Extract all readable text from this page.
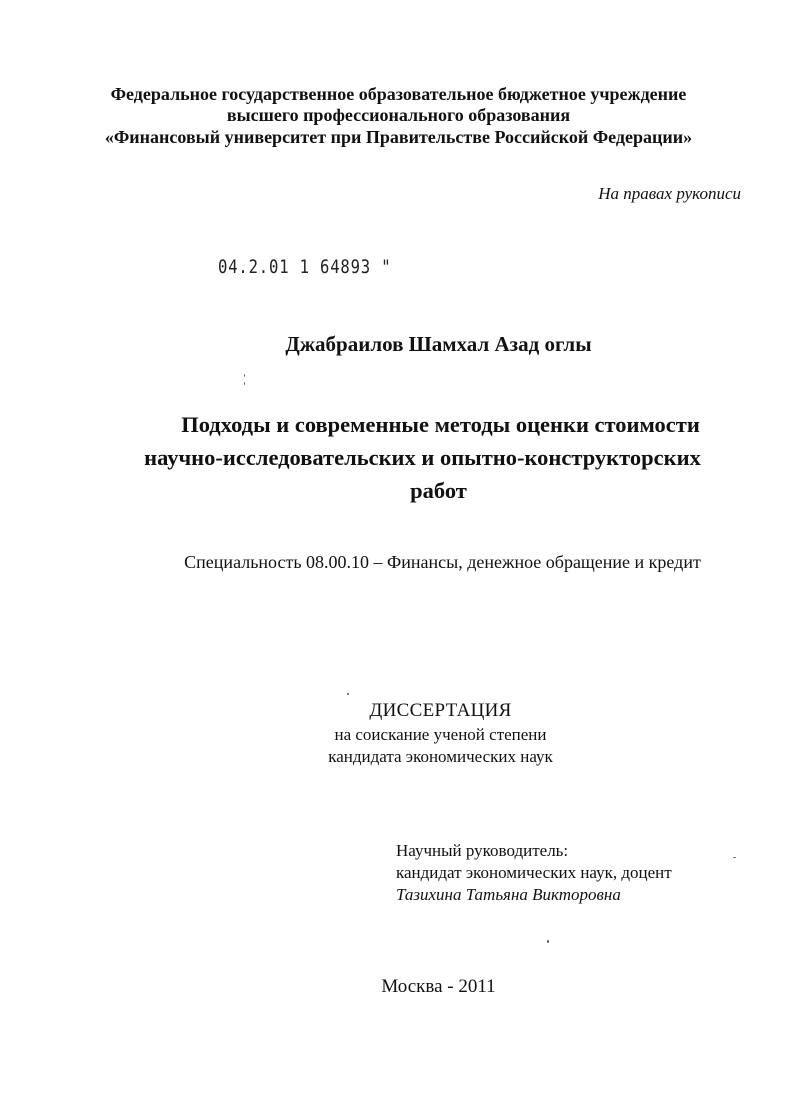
Федеральное государственное образовательное бюджетное учреждение
высшего профессионального образования
«Финансовый университет при Правительстве Российской Федерации»
На правах рукописи
04.2.01 1 64893 "
Джабраилов Шамхал Азад оглы
Подходы и современные методы оценки стоимости
научно-исследовательских и опытно-конструкторских
работ
Специальность 08.00.10 – Финансы, денежное обращение и кредит
ДИССЕРТАЦИЯ
на соискание ученой степени
кандидата экономических наук
Научный руководитель:
кандидат экономических наук, доцент
Тазихина Татьяна Викторовна
Москва - 2011
